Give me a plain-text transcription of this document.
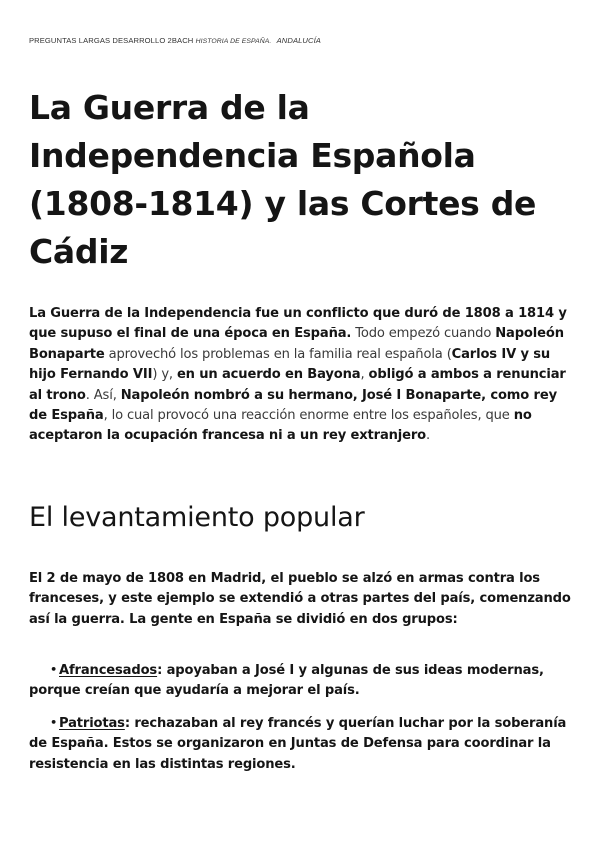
PREGUNTAS LARGAS DESARROLLO 2BACH HISTORIA DE ESPAÑA. ANDALUCÍA
La Guerra de la Independencia Española (1808-1814) y las Cortes de Cádiz

La Guerra de la Independencia fue un conflicto que duró de 1808 a 1814 y que supuso el final de una época en España. Todo empezó cuando Napoleón Bonaparte aprovechó los problemas en la familia real española (Carlos IV y su hijo Fernando VII) y, en un acuerdo en Bayona, obligó a ambos a renunciar al trono. Así, Napoleón nombró a su hermano, José I Bonaparte, como rey de España, lo cual provocó una reacción enorme entre los españoles, que no aceptaron la ocupación francesa ni a un rey extranjero.

El levantamiento popular

El 2 de mayo de 1808 en Madrid, el pueblo se alzó en armas contra los franceses, y este ejemplo se extendió a otras partes del país, comenzando así la guerra. La gente en España se dividió en dos grupos:

• Afrancesados: apoyaban a José I y algunas de sus ideas modernas, porque creían que ayudaría a mejorar el país.
• Patriotas: rechazaban al rey francés y querían luchar por la soberanía de España. Estos se organizaron en Juntas de Defensa para coordinar la resistencia en las distintas regiones.
